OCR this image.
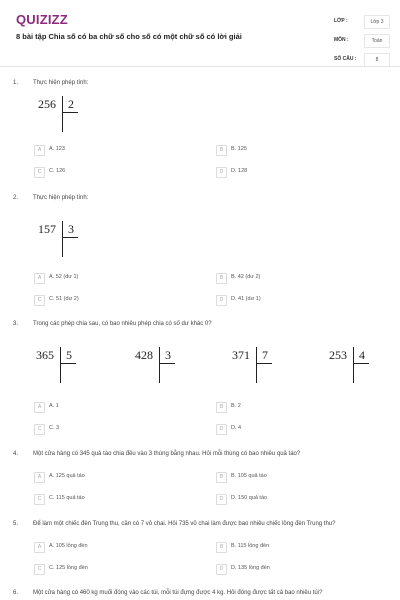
QUIZIZZ
8 bài tập Chia số có ba chữ số cho số có một chữ số có lời giải
LỚP :	Lớp 3
MÔN :	Toán
SỐ CÂU :	8
1. Thực hiện phép tính:
256 2
A	A. 123	B	B. 125
C	C. 126	D	D. 128
2. Thực hiện phép tính:
157 3
A	A. 52 (dư 1)	B	B. 42 (dư 2)
C	C. 51 (dư 2)	D	D. 41 (dư 1)
3. Trong các phép chia sau, có bao nhiêu phép chia có số dư khác 0?
365 5	428 3	371 7	253 4
A	A. 1	B	B. 2
C	C. 3	D	D. 4
4. Một cửa hàng có 345 quả táo chia đều vào 3 thùng bằng nhau. Hỏi mỗi thùng có bao nhiêu quả táo?
A	A. 125 quả táo	B	B. 105 quả táo
C	C. 115 quả táo	D	D. 150 quả táo
5. Để làm một chiếc đèn Trung thu, cần có 7 vỏ chai. Hỏi 735 vỏ chai làm được bao nhiêu chiếc lồng đèn Trung thu?
A	A. 105 lồng đèn	B	B. 115 lồng đèn
C	C. 125 lồng đèn	D	D. 135 lồng đèn
6. Một cửa hàng có 460 kg muối đóng vào các túi, mỗi túi đựng được 4 kg. Hỏi đóng được tất cả bao nhiêu túi?
